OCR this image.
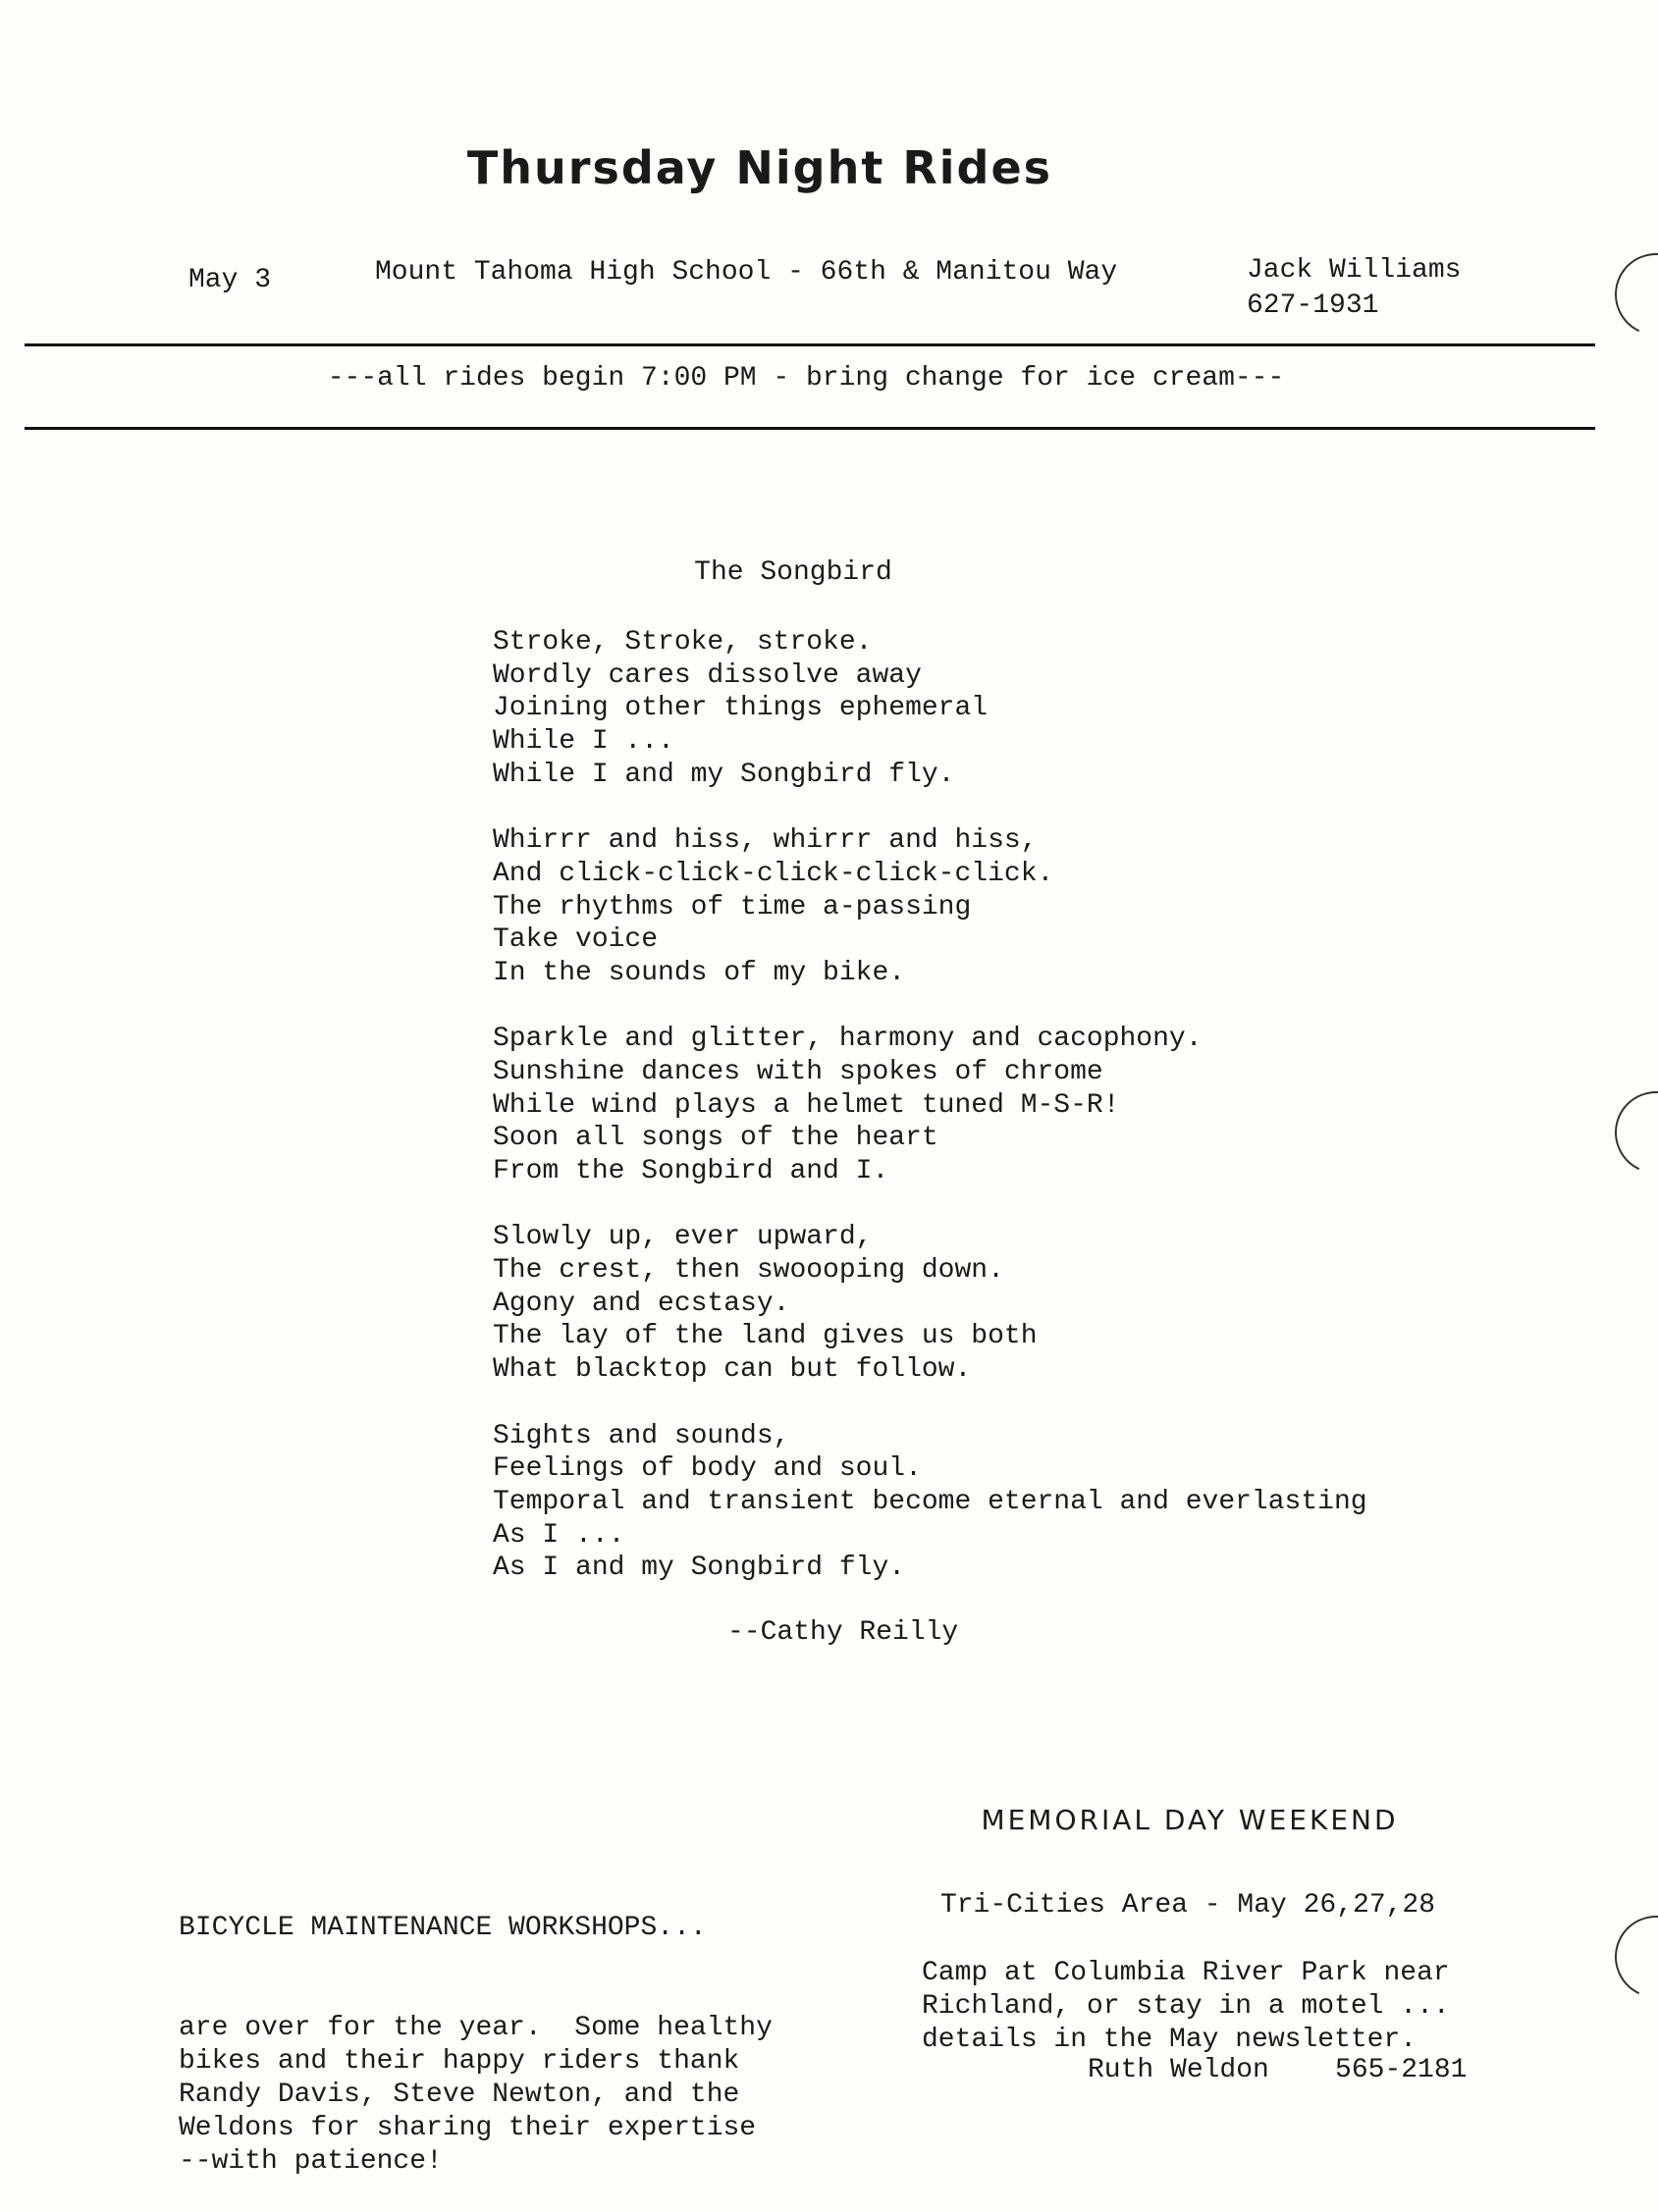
Thursday Night Rides
May 3	Mount Tahoma High School - 66th & Manitou Way	Jack Williams
627-1931
---all rides begin 7:00 PM - bring change for ice cream---
The Songbird
Stroke, Stroke, stroke.
Wordly cares dissolve away
Joining other things ephemeral
While I ...
While I and my Songbird fly.
Whirrr and hiss, whirrr and hiss,
And click-click-click-click-click.
The rhythms of time a-passing
Take voice
In the sounds of my bike.
Sparkle and glitter, harmony and cacophony.
Sunshine dances with spokes of chrome
While wind plays a helmet tuned M-S-R!
Soon all songs of the heart
From the Songbird and I.
Slowly up, ever upward,
The crest, then swoooping down.
Agony and ecstasy.
The lay of the land gives us both
What blacktop can but follow.
Sights and sounds,
Feelings of body and soul.
Temporal and transient become eternal and everlasting
As I ...
As I and my Songbird fly.
--Cathy Reilly

BICYCLE MAINTENANCE WORKSHOPS...

are over for the year.  Some healthy
bikes and their happy riders thank
Randy Davis, Steve Newton, and the
Weldons for sharing their expertise
--with patience!

MEMORIAL DAY WEEKEND
Tri-Cities Area - May 26,27,28
Camp at Columbia River Park near
Richland, or stay in a motel ...
details in the May newsletter.
Ruth Weldon    565-2181
